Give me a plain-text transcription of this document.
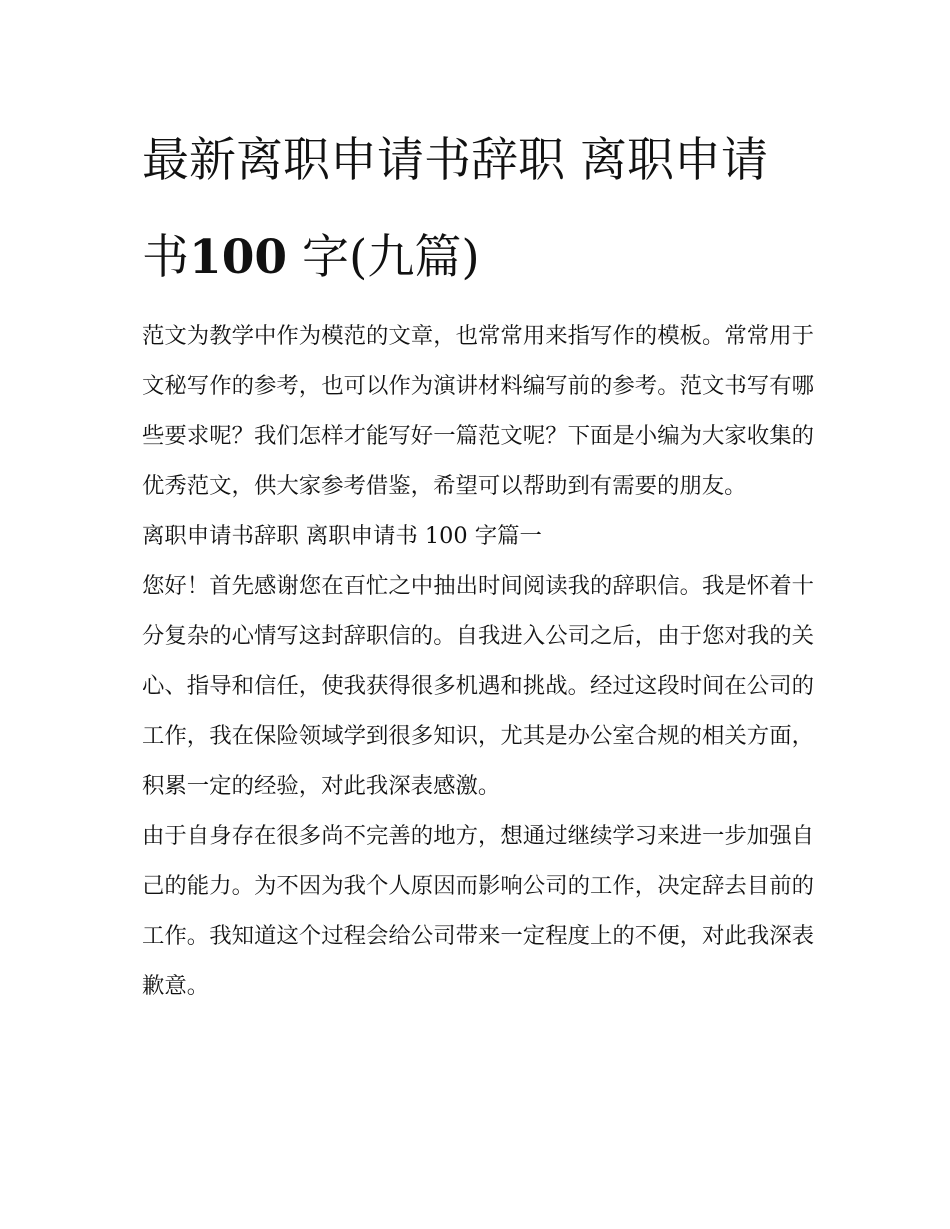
最新离职申请书辞职 离职申请书100 字(九篇)

范文为教学中作为模范的文章，也常常用来指写作的模板。常常用于文秘写作的参考，也可以作为演讲材料编写前的参考。范文书写有哪些要求呢？我们怎样才能写好一篇范文呢？下面是小编为大家收集的优秀范文，供大家参考借鉴，希望可以帮助到有需要的朋友。

离职申请书辞职 离职申请书 100 字篇一

您好！首先感谢您在百忙之中抽出时间阅读我的辞职信。我是怀着十分复杂的心情写这封辞职信的。自我进入公司之后，由于您对我的关心、指导和信任，使我获得很多机遇和挑战。经过这段时间在公司的工作，我在保险领域学到很多知识，尤其是办公室合规的相关方面，积累一定的经验，对此我深表感激。

由于自身存在很多尚不完善的地方，想通过继续学习来进一步加强自己的能力。为不因为我个人原因而影响公司的工作，决定辞去目前的工作。我知道这个过程会给公司带来一定程度上的不便，对此我深表歉意。
